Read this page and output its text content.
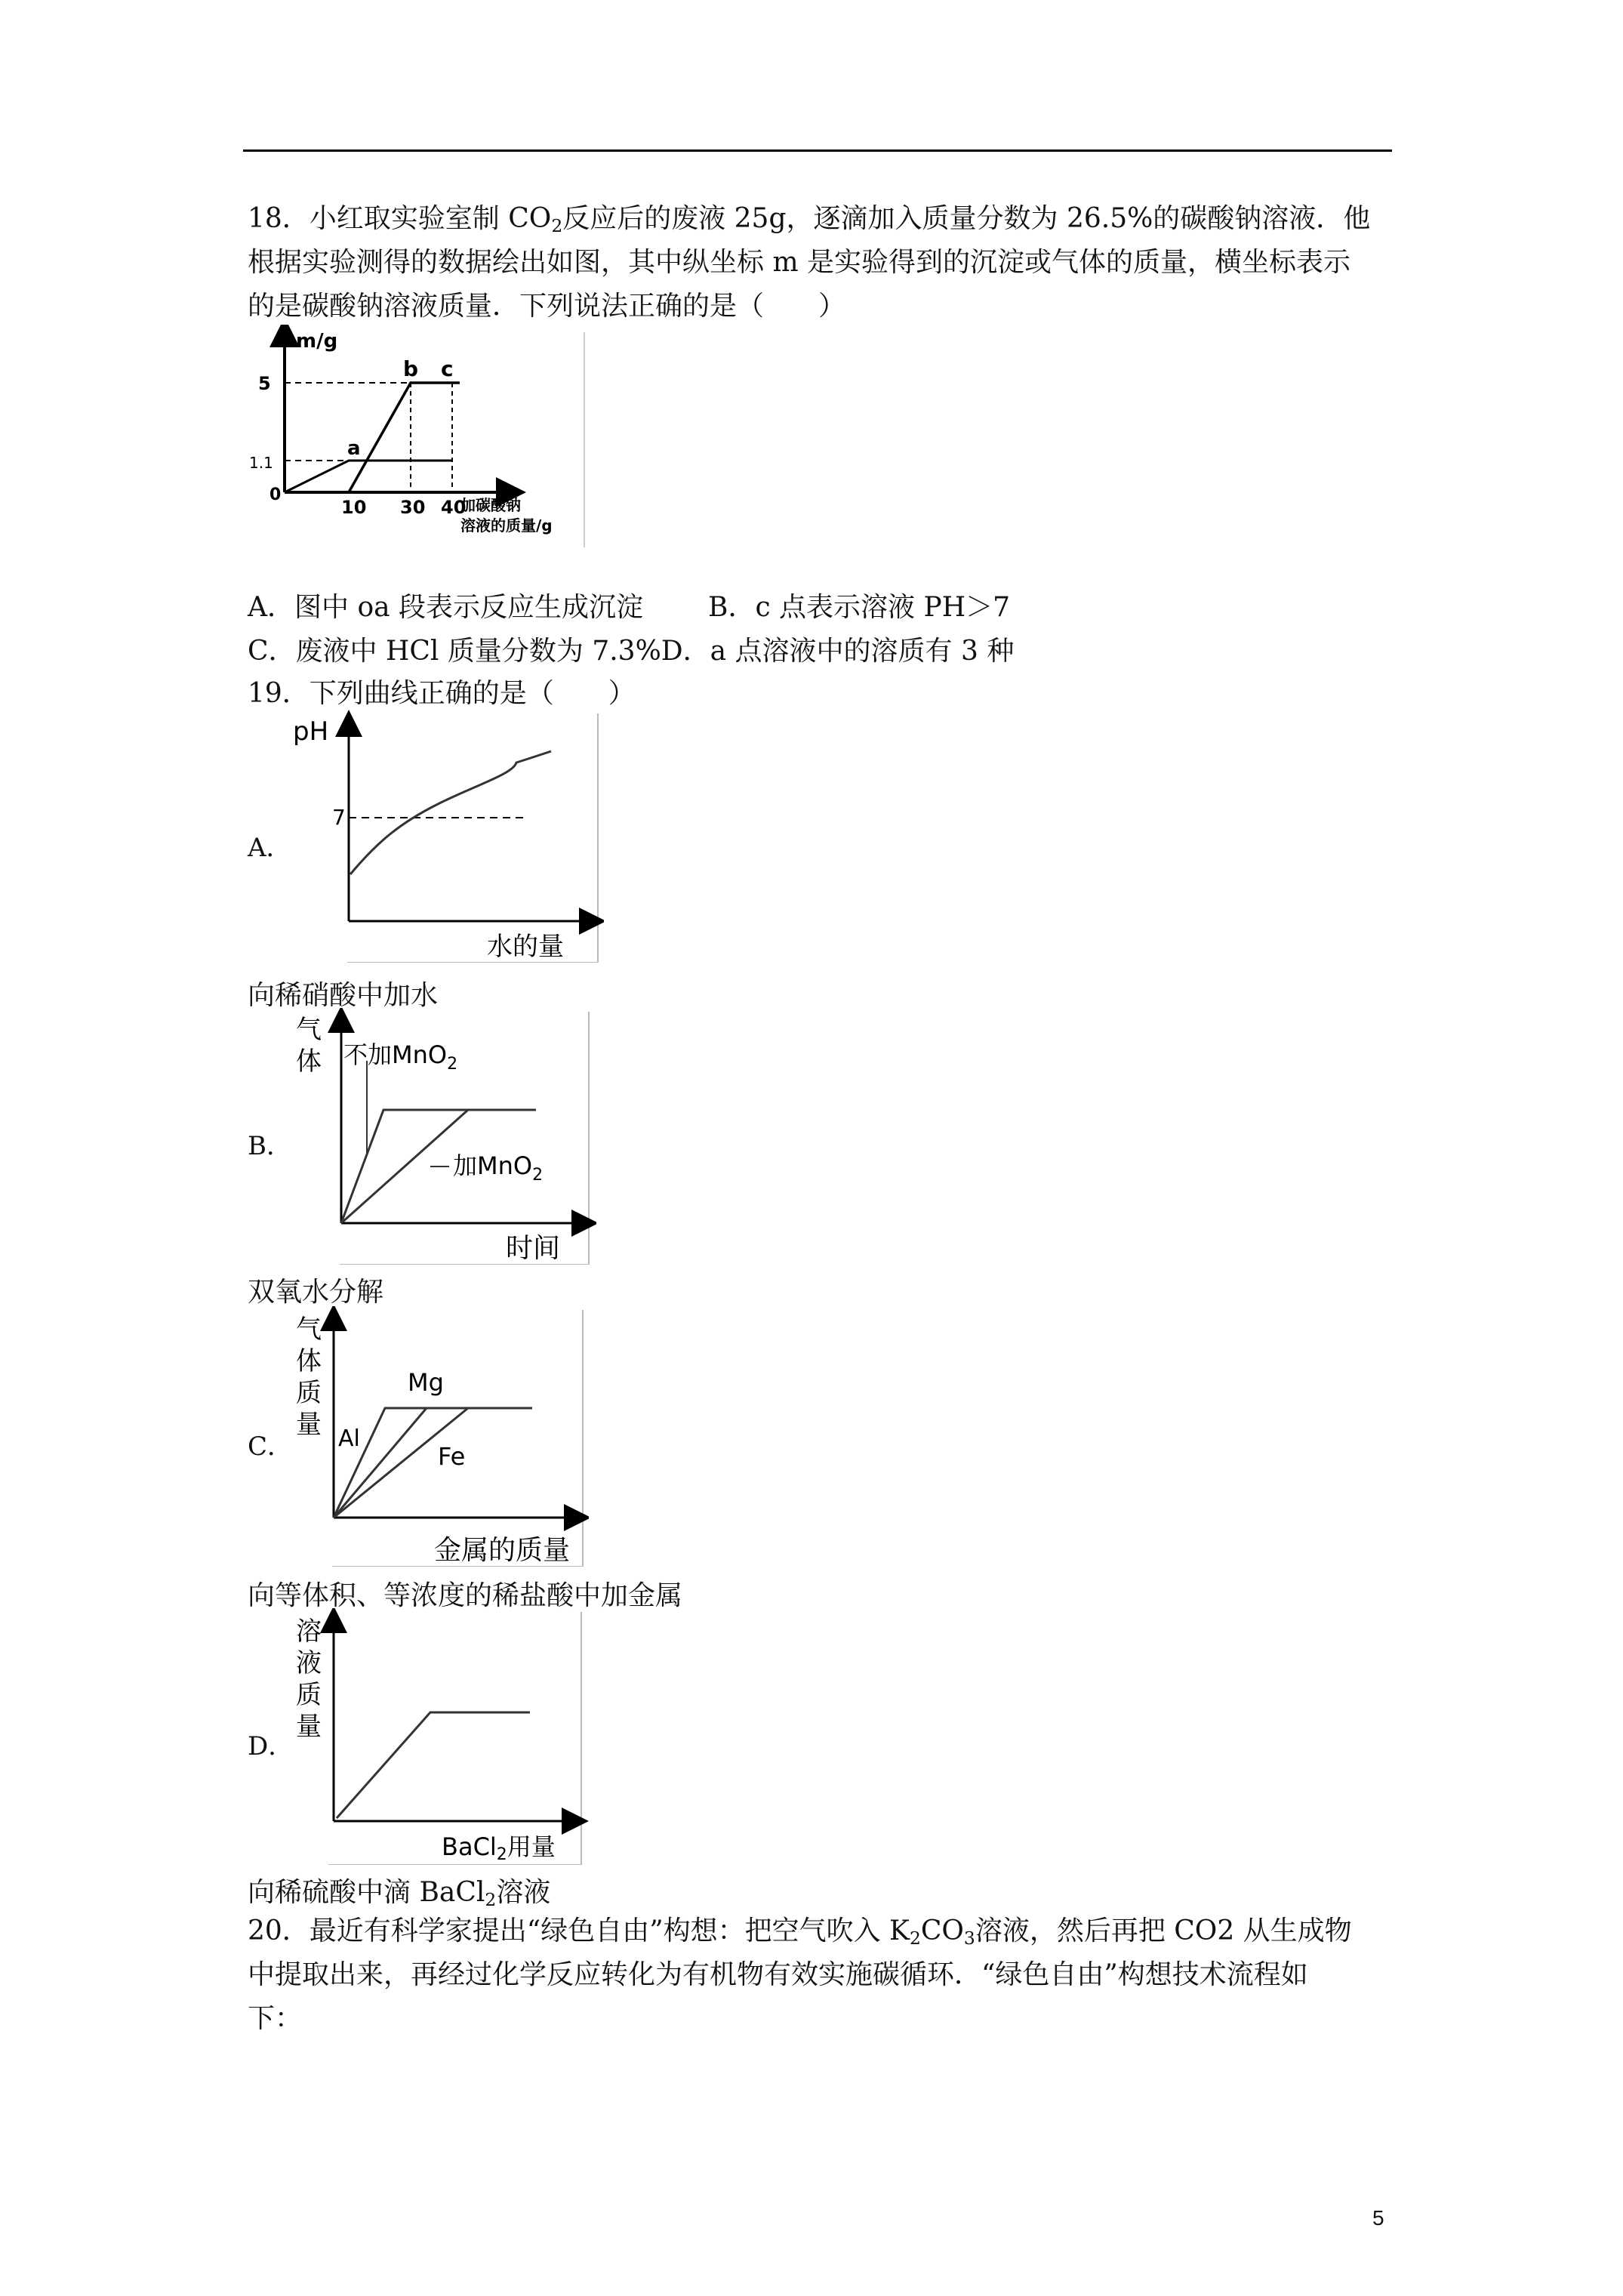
18．小红取实验室制 $CO_2$反应后的废液 25g，逐滴加入质量分数为 26.5%的碳酸钠溶液．他
根据实验测得的数据绘出如图，其中纵坐标 m 是实验得到的沉淀或气体的质量，横坐标表示
的是碳酸钠溶液质量．下列说法正确的是（　　）
m/g
5
1.1
0
10 30 40
a
b c
加碳酸钠
溶液的质量/g
A．图中 oa 段表示反应生成沉淀 B．c 点表示溶液 PH＞7
C．废液中 HCl 质量分数为 7.3%D．a 点溶液中的溶质有 3 种
19．下列曲线正确的是（　　）
A．
pH
7
水的量
向稀硝酸中加水
B．
气
体 不加MnO$_2$
加MnO$_2$
时间
双氧水分解
C．
气
体
质
量 Al
Mg
Fe
金属的质量
向等体积、等浓度的稀盐酸中加金属
D．
溶
液
质
量
BaCl2用量
向稀硫酸中滴 BaCl$_2$溶液
20．最近有科学家提出“绿色自由”构想：把空气吹入 $K_2CO_3$溶液，然后再把 CO2 从生成物
中提取出来，再经过化学反应转化为有机物有效实施碳循环．“绿色自由”构想技术流程如
下：
5
